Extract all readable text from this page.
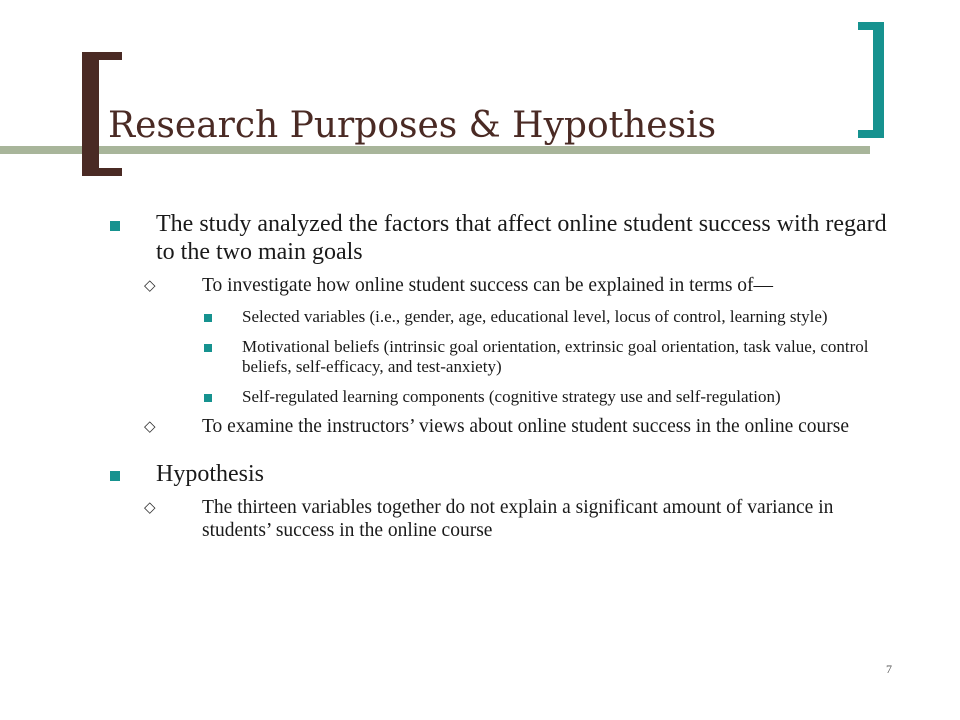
Research Purposes & Hypothesis
The study analyzed the factors that affect online student success with regard to the two main goals
◇ To investigate how online student success can be explained in terms of—
Selected variables (i.e., gender, age, educational level, locus of control, learning style)
Motivational beliefs (intrinsic goal orientation, extrinsic goal orientation, task value, control beliefs, self-efficacy, and test-anxiety)
Self-regulated learning components (cognitive strategy use and self-regulation)
◇ To examine the instructors’ views about online student success in the online course
Hypothesis
◇ The thirteen variables together do not explain a significant amount of variance in students’ success in the online course
7
